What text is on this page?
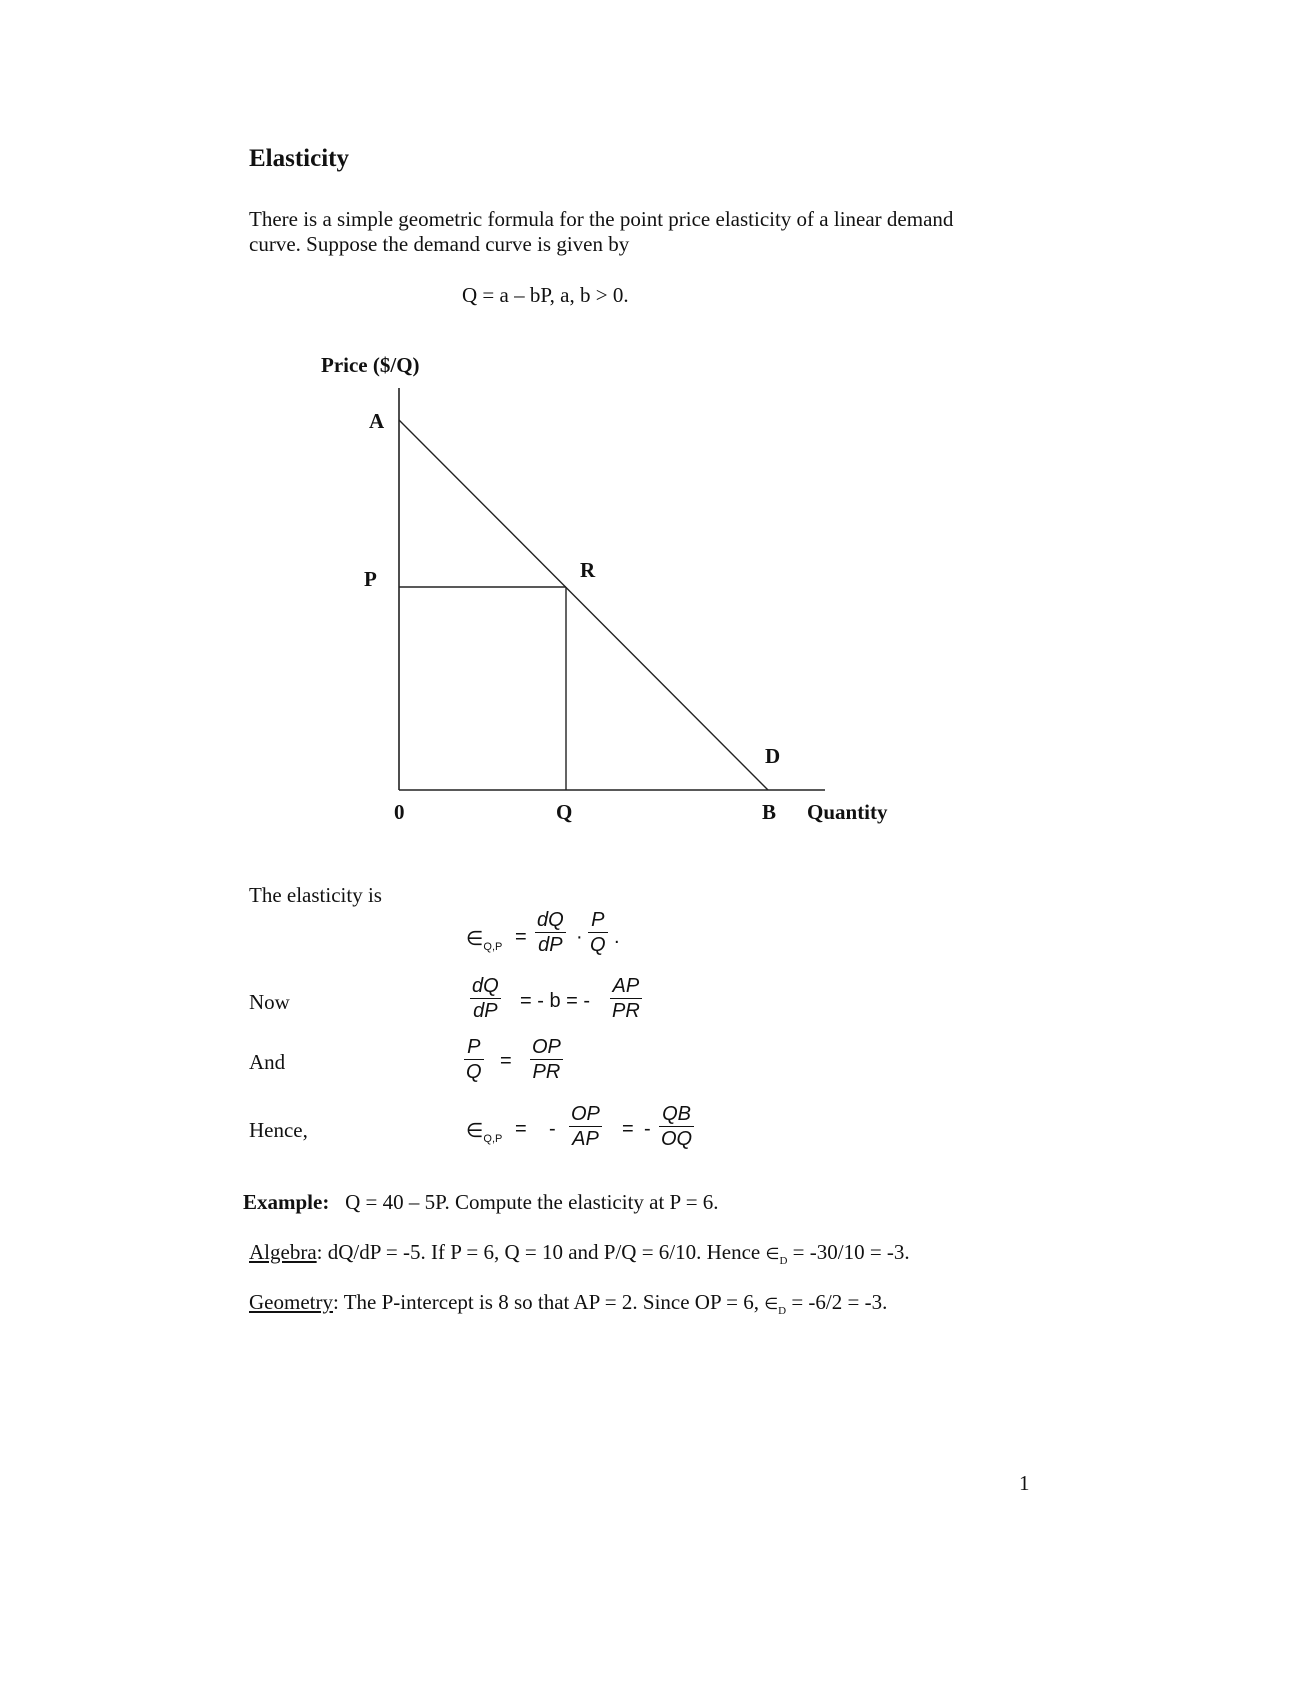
Elasticity
There is a simple geometric formula for the point price elasticity of a linear demand
curve. Suppose the demand curve is given by
Q = a – bP, a, b > 0.
Price ($/Q)
A
P	R
D
0	Q	B Quantity
The elasticity is
$\in_{Q,P} = \frac{dQ}{dP} \cdot \frac{P}{Q}$ .
Now	$\frac{dQ}{dP}$ = - b = - $\frac{AP}{PR}$
And	$\frac{P}{Q} = \frac{OP}{PR}$
Hence,	$\in_{Q,P}$ = - $\frac{OP}{AP}$ = - $\frac{QB}{OQ}$
Example: Q = 40 – 5P. Compute the elasticity at P = 6.
Algebra: dQ/dP = -5. If P = 6, Q = 10 and P/Q = 6/10. Hence $\in_D = -30/10 = -3$.
Geometry: The P-intercept is 8 so that AP = 2. Since OP = 6, $\in_D = -6/2 = -3$.
1
